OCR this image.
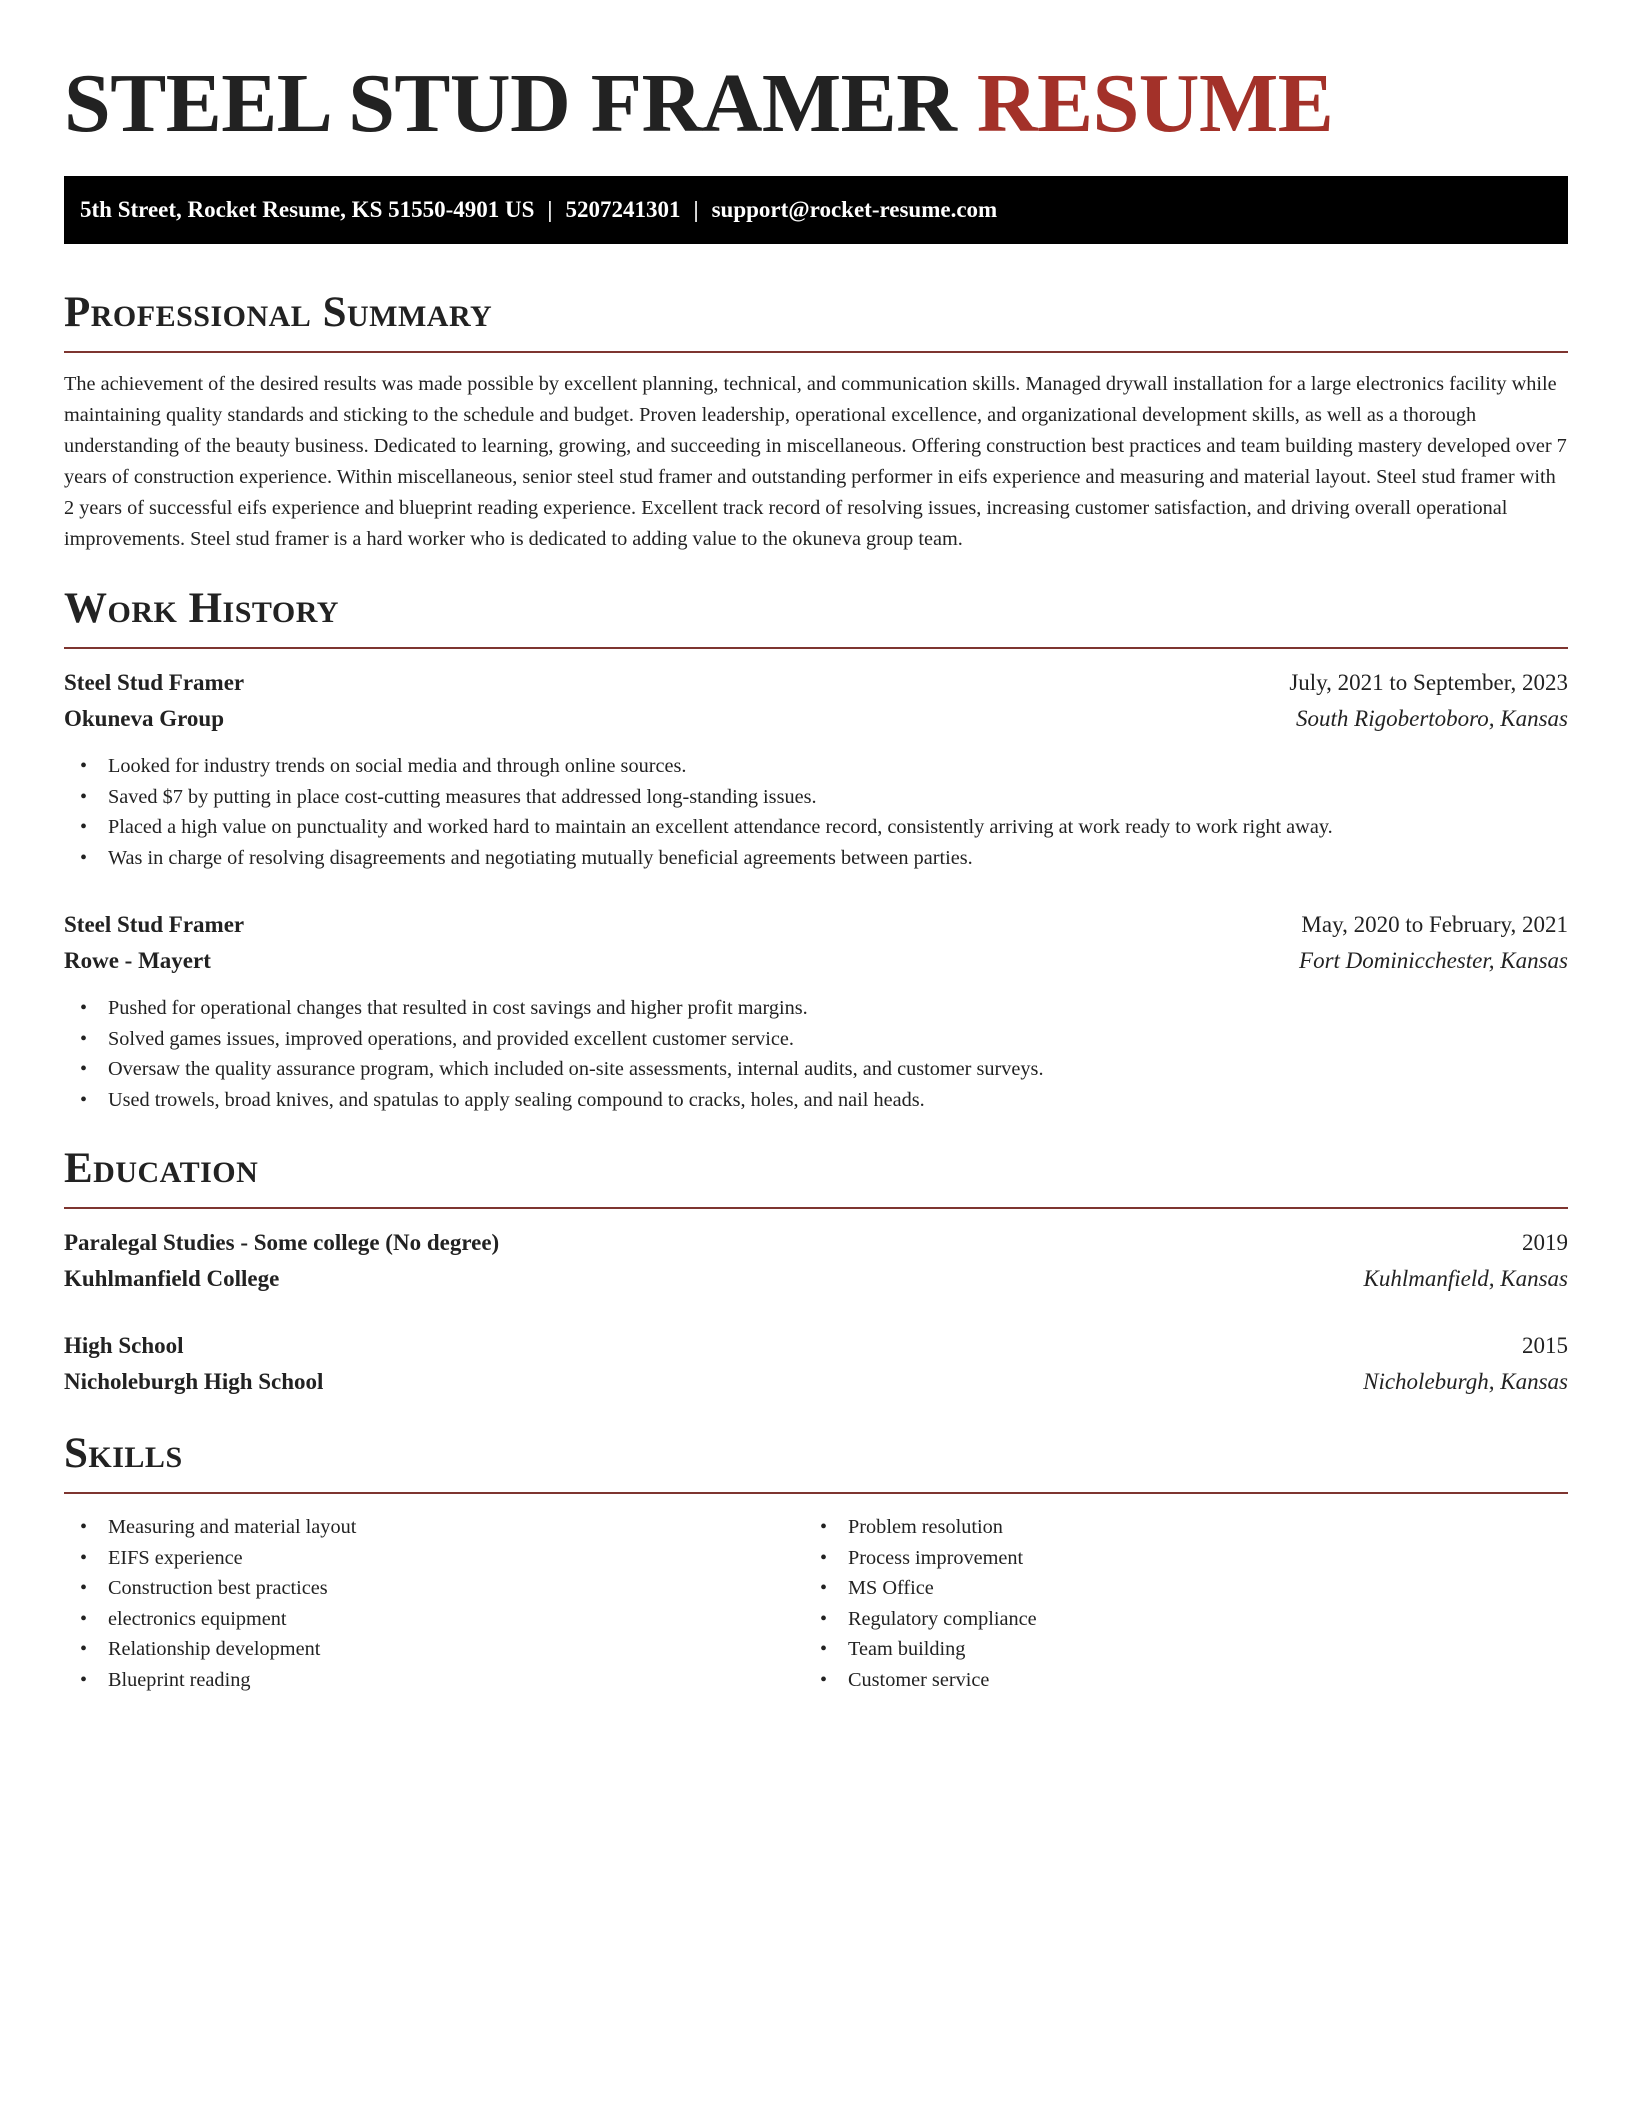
STEEL STUD FRAMER RESUME
5th Street, Rocket Resume, KS 51550-4901 US | 5207241301 | support@rocket-resume.com
Professional Summary

The achievement of the desired results was made possible by excellent planning, technical, and communication skills. Managed drywall installation for a large electronics facility while maintaining quality standards and sticking to the schedule and budget. Proven leadership, operational excellence, and organizational development skills, as well as a thorough understanding of the beauty business. Dedicated to learning, growing, and succeeding in miscellaneous. Offering construction best practices and team building mastery developed over 7 years of construction experience. Within miscellaneous, senior steel stud framer and outstanding performer in eifs experience and measuring and material layout. Steel stud framer with 2 years of successful eifs experience and blueprint reading experience. Excellent track record of resolving issues, increasing customer satisfaction, and driving overall operational improvements. Steel stud framer is a hard worker who is dedicated to adding value to the okuneva group team.

Work History
Steel Stud Framer	July, 2021 to September, 2023
Okuneva Group	South Rigobertoboro, Kansas
• Looked for industry trends on social media and through online sources.
• Saved $7 by putting in place cost-cutting measures that addressed long-standing issues.
• Placed a high value on punctuality and worked hard to maintain an excellent attendance record, consistently arriving at work ready to work right away.
• Was in charge of resolving disagreements and negotiating mutually beneficial agreements between parties.
Steel Stud Framer	May, 2020 to February, 2021
Rowe - Mayert	Fort Dominicchester, Kansas
• Pushed for operational changes that resulted in cost savings and higher profit margins.
• Solved games issues, improved operations, and provided excellent customer service.
• Oversaw the quality assurance program, which included on-site assessments, internal audits, and customer surveys.
• Used trowels, broad knives, and spatulas to apply sealing compound to cracks, holes, and nail heads.
Education
Paralegal Studies - Some college (No degree)	2019
Kuhlmanfield College	Kuhlmanfield, Kansas
High School	2015
Nicholeburgh High School	Nicholeburgh, Kansas
Skills
• Measuring and material layout
• EIFS experience
• Construction best practices
• electronics equipment
• Relationship development
• Blueprint reading
• Problem resolution
• Process improvement
• MS Office
• Regulatory compliance
• Team building
• Customer service
